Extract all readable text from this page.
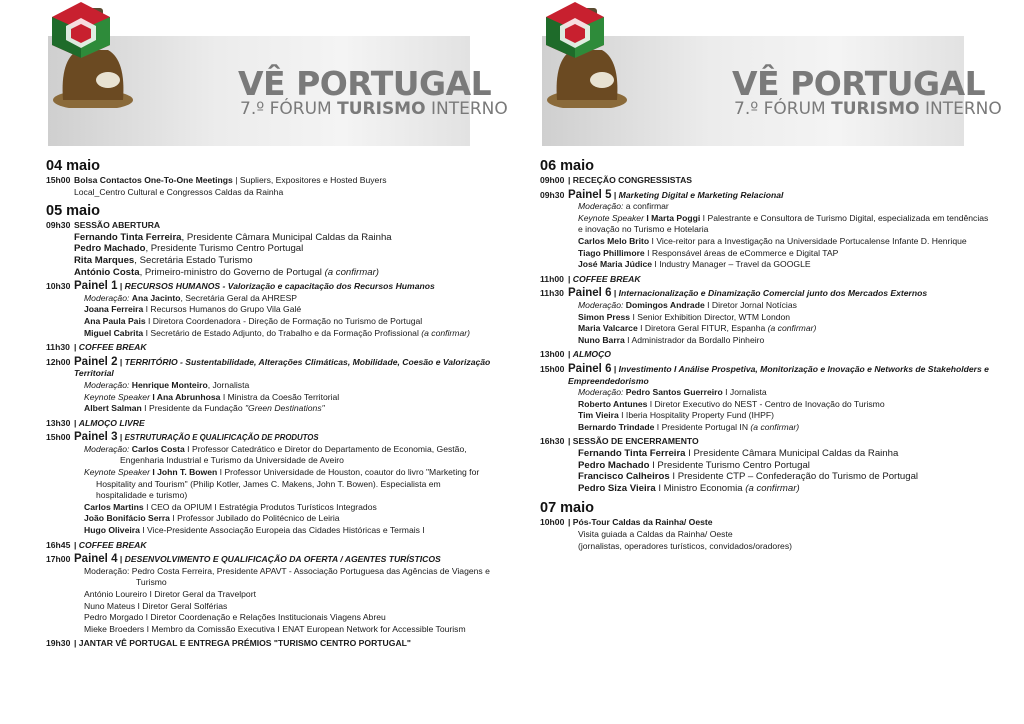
VÊ PORTUGAL
7.º FÓRUM TURISMO INTERNO
04 maio
15h00 Bolsa Contactos One-To-One Meetings | Supliers, Expositores e Hosted Buyers
Local_Centro Cultural e Congressos Caldas da Rainha
05 maio
09h30 SESSÃO ABERTURA
Fernando Tinta Ferreira, Presidente Câmara Municipal Caldas da Rainha
Pedro Machado, Presidente Turismo Centro Portugal
Rita Marques, Secretária Estado Turismo
António Costa, Primeiro-ministro do Governo de Portugal (a confirmar)
10h30 Painel 1 | RECURSOS HUMANOS - Valorização e capacitação dos Recursos Humanos
Moderação: Ana Jacinto, Secretária Geral da AHRESP
Joana Ferreira I Recursos Humanos do Grupo Vila Galé
Ana Paula Pais I Diretora Coordenadora - Direção de Formação no Turismo de Portugal
Miguel Cabrita I Secretário de Estado Adjunto, do Trabalho e da Formação Profissional (a confirmar)
11h30 | COFFEE BREAK
12h00 Painel 2 | TERRITÓRIO - Sustentabilidade, Alterações Climáticas, Mobilidade, Coesão e Valorização Territorial
Moderação: Henrique Monteiro, Jornalista
Keynote Speaker I Ana Abrunhosa I Ministra da Coesão Territorial
Albert Salman I Presidente da Fundação "Green Destinations"
13h30 | ALMOÇO LIVRE
15h00 Painel 3 | ESTRUTURAÇÃO E QUALIFICAÇÃO DE PRODUTOS
Moderação: Carlos Costa I Professor Catedrático e Diretor do Departamento de Economia, Gestão,
Engenharia Industrial e Turismo da Universidade de Aveiro
Keynote Speaker I John T. Bowen I Professor Universidade de Houston, coautor do livro "Marketing for
Hospitality and Tourism" (Philip Kotler, James C. Makens, John T. Bowen). Especialista em
hospitalidade e turismo)
Carlos Martins I CEO da OPIUM I Estratégia Produtos Turísticos Integrados
João Bonifácio Serra I Professor Jubilado do Politécnico de Leiria
Hugo Oliveira I Vice-Presidente Associação Europeia das Cidades Históricas e Termais I
16h45 | COFFEE BREAK
17h00 Painel 4 | DESENVOLVIMENTO E QUALIFICAÇÃO DA OFERTA / AGENTES TURÍSTICOS
Moderação: Pedro Costa Ferreira, Presidente APAVT - Associação Portuguesa das Agências de Viagens e
Turismo
António Loureiro I Diretor Geral da Travelport
Nuno Mateus I Diretor Geral Solférias
Pedro Morgado I Diretor Coordenação e Relações Institucionais Viagens Abreu
Mieke Broeders I Membro da Comissão Executiva I ENAT European Network for Accessible Tourism
19h30 | JANTAR VÊ PORTUGAL E ENTREGA PRÉMIOS "TURISMO CENTRO PORTUGAL"
VÊ PORTUGAL
7.º FÓRUM TURISMO INTERNO
06 maio
09h00 | RECEÇÃO CONGRESSISTAS
09h30 Painel 5 | Marketing Digital e Marketing Relacional
Moderação: a confirmar
Keynote Speaker I Marta Poggi I Palestrante e Consultora de Turismo Digital, especializada em tendências
e inovação no Turismo e Hotelaria
Carlos Melo Brito I Vice-reitor para a Investigação na Universidade Portucalense Infante D. Henrique
Tiago Phillimore I Responsável áreas de eCommerce e Digital TAP
José Maria Júdice I Industry Manager – Travel da GOOGLE
11h00 | COFFEE BREAK
11h30 Painel 6 | Internacionalização e Dinamização Comercial junto dos Mercados Externos
Moderação: Domingos Andrade I Diretor Jornal Notícias
Simon Press I Senior Exhibition Director, WTM London
Maria Valcarce I Diretora Geral FITUR, Espanha (a confirmar)
Nuno Barra I Administrador da Bordallo Pinheiro
13h00 | ALMOÇO
15h00 Painel 6 | Investimento I Análise Prospetiva, Monitorização e Inovação e Networks de Stakeholders e Empreendedorismo
Moderação: Pedro Santos Guerreiro I Jornalista
Roberto Antunes I Diretor Executivo do NEST - Centro de Inovação do Turismo
Tim Vieira I Iberia Hospitality Property Fund (IHPF)
Bernardo Trindade I Presidente Portugal IN (a confirmar)
16h30 | SESSÃO DE ENCERRAMENTO
Fernando Tinta Ferreira I Presidente Câmara Municipal Caldas da Rainha
Pedro Machado I Presidente Turismo Centro Portugal
Francisco Calheiros I Presidente CTP – Confederação do Turismo de Portugal
Pedro Siza Vieira I Ministro Economia (a confirmar)
07 maio
10h00 | Pós-Tour Caldas da Rainha/ Oeste
Visita guiada a Caldas da Rainha/ Oeste
(jornalistas, operadores turísticos, convidados/oradores)
